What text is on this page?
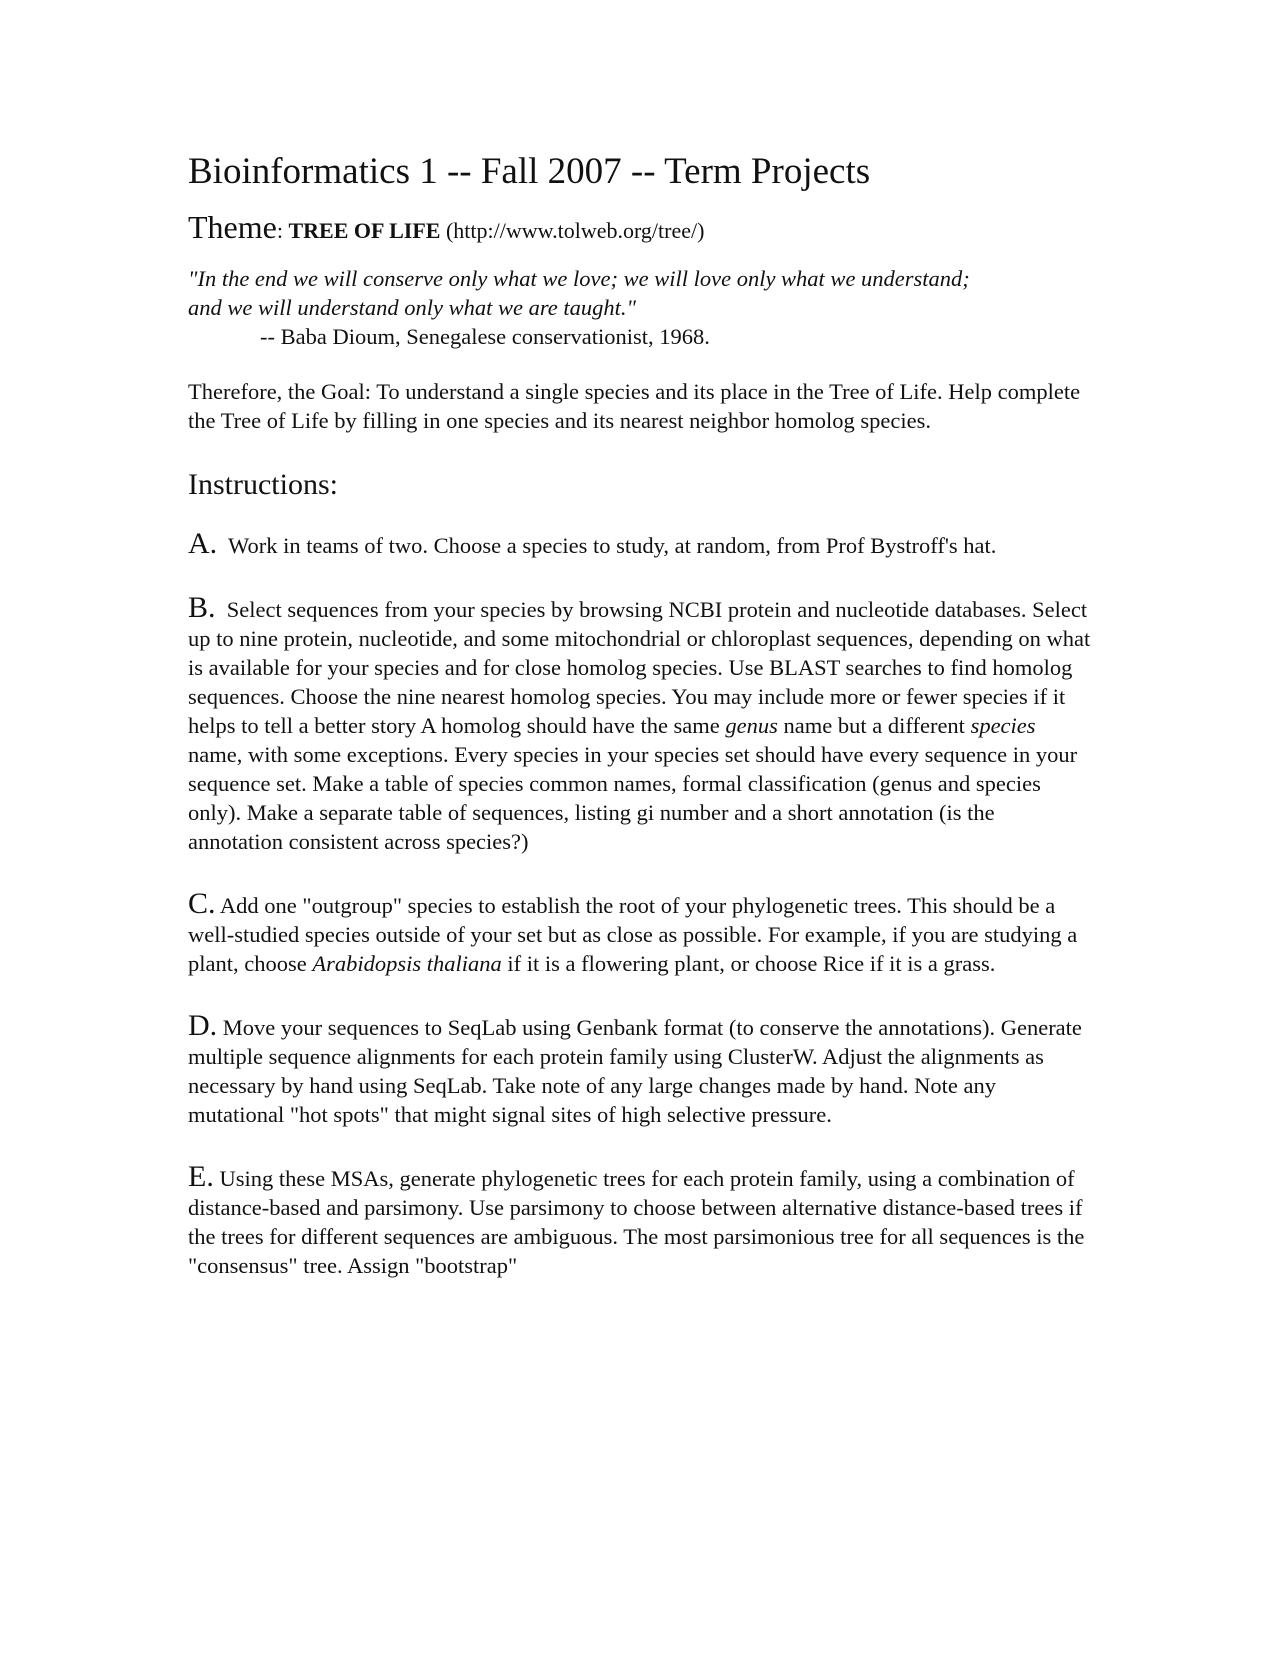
Bioinformatics 1 -- Fall 2007 -- Term Projects

Theme: TREE OF LIFE (http://www.tolweb.org/tree/)

"In the end we will conserve only what we love; we will love only what we understand;

and we will understand only what we are taught."

-- Baba Dioum, Senegalese conservationist, 1968.

Therefore, the Goal: To understand a single species and its place in the Tree of Life. Help complete the Tree of Life by filling in one species and its nearest neighbor homolog species.

Instructions:

A. Work in teams of two. Choose a species to study, at random, from Prof Bystroff's hat.

B. Select sequences from your species by browsing NCBI protein and nucleotide databases. Select up to nine protein, nucleotide, and some mitochondrial or chloroplast sequences, depending on what is available for your species and for close homolog species. Use BLAST searches to find homolog sequences. Choose the nine nearest homolog species. You may include more or fewer species if it helps to tell a better story A homolog should have the same genus name but a different species name, with some exceptions. Every species in your species set should have every sequence in your sequence set. Make a table of species common names, formal classification (genus and species only). Make a separate table of sequences, listing gi number and a short annotation (is the annotation consistent across species?)

C. Add one "outgroup" species to establish the root of your phylogenetic trees. This should be a well-studied species outside of your set but as close as possible. For example, if you are studying a plant, choose Arabidopsis thaliana if it is a flowering plant, or choose Rice if it is a grass.

D. Move your sequences to SeqLab using Genbank format (to conserve the annotations). Generate multiple sequence alignments for each protein family using ClusterW. Adjust the alignments as necessary by hand using SeqLab. Take note of any large changes made by hand. Note any mutational "hot spots" that might signal sites of high selective pressure.

E. Using these MSAs, generate phylogenetic trees for each protein family, using a combination of distance-based and parsimony. Use parsimony to choose between alternative distance-based trees if the trees for different sequences are ambiguous. The most parsimonious tree for all sequences is the "consensus" tree. Assign "bootstrap"
